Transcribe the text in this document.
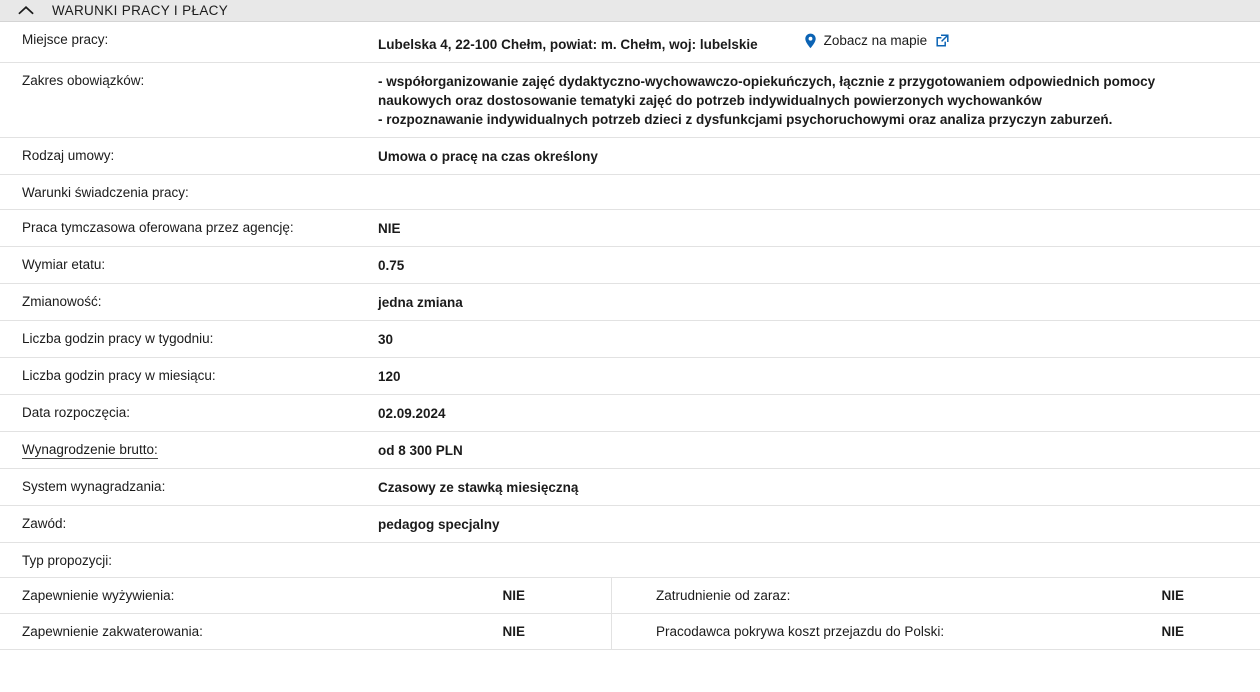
WARUNKI PRACY I PŁACY
Miejsce pracy:	Lubelska 4, 22-100 Chełm, powiat: m. Chełm, woj: lubelskie	Zobacz na mapie
Zakres obowiązków:	- współorganizowanie zajęć dydaktyczno-wychowawczo-opiekuńczych, łącznie z przygotowaniem odpowiednich pomocy
naukowych oraz dostosowanie tematyki zajęć do potrzeb indywidualnych powierzonych wychowanków
- rozpoznawanie indywidualnych potrzeb dzieci z dysfunkcjami psychoruchowymi oraz analiza przyczyn zaburzeń.
Rodzaj umowy:	Umowa o pracę na czas określony
Warunki świadczenia pracy:
Praca tymczasowa oferowana przez agencję:	NIE
Wymiar etatu:	0.75
Zmianowość:	jedna zmiana
Liczba godzin pracy w tygodniu:	30
Liczba godzin pracy w miesiącu:	120
Data rozpoczęcia:	02.09.2024
Wynagrodzenie brutto:	od 8 300 PLN
System wynagradzania:	Czasowy ze stawką miesięczną
Zawód:	pedagog specjalny
Typ propozycji:
Zapewnienie wyżywienia:	NIE	Zatrudnienie od zaraz:	NIE
Zapewnienie zakwaterowania:	NIE	Pracodawca pokrywa koszt przejazdu do Polski:	NIE
